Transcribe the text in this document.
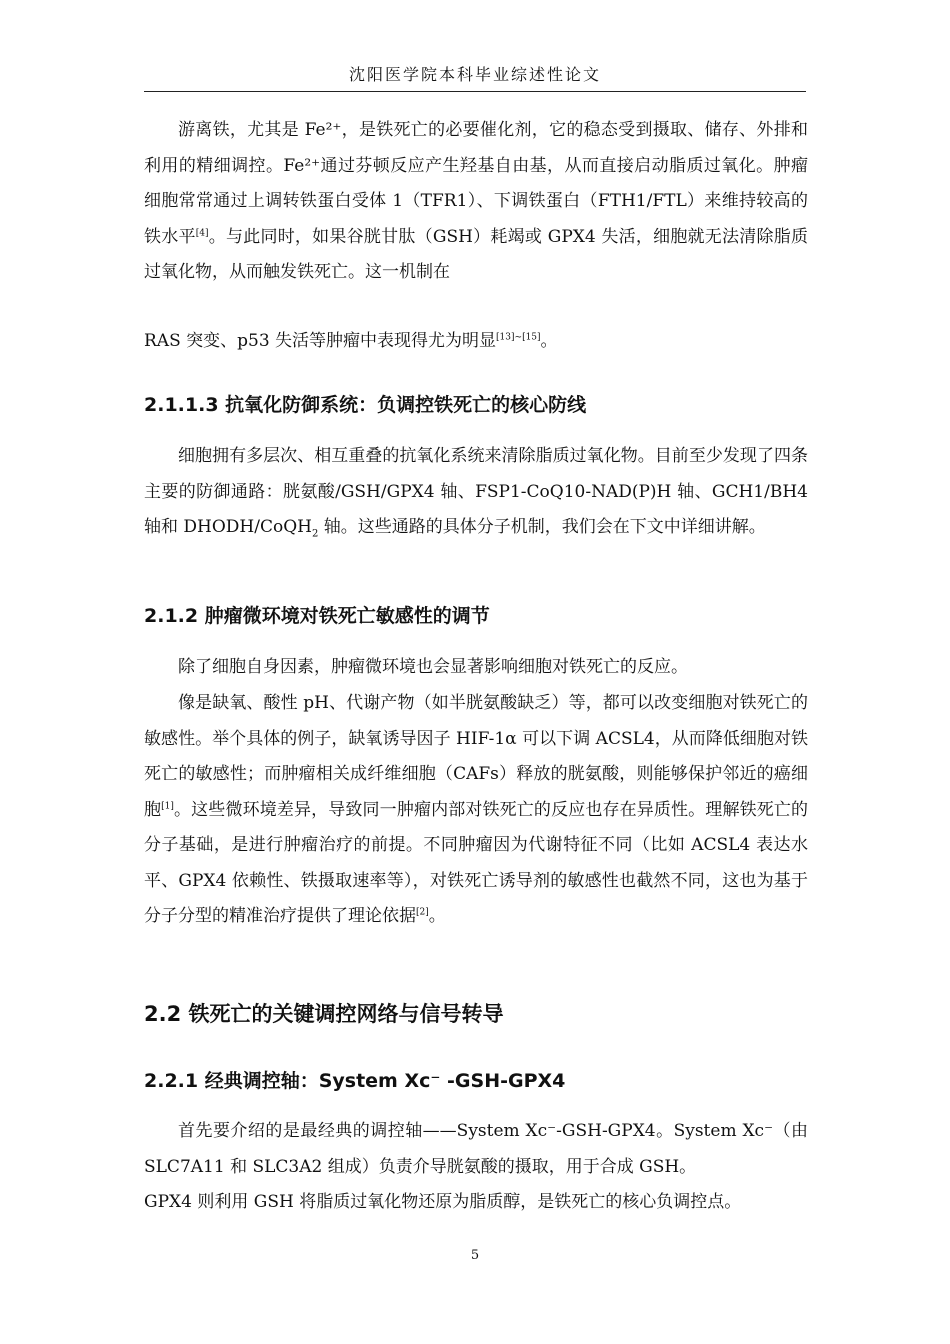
沈阳医学院本科毕业综述性论文

游离铁，尤其是 Fe²⁺，是铁死亡的必要催化剂，它的稳态受到摄取、储存、外排和利用的精细调控。Fe²⁺通过芬顿反应产生羟基自由基，从而直接启动脂质过氧化。肿瘤细胞常常通过上调转铁蛋白受体 1（TFR1）、下调铁蛋白（FTH1/FTL）来维持较高的铁水平[4]。与此同时，如果谷胱甘肽（GSH）耗竭或 GPX4 失活，细胞就无法清除脂质过氧化物，从而触发铁死亡。这一机制在

RAS 突变、p53 失活等肿瘤中表现得尤为明显[13]~[15]。

2.1.1.3 抗氧化防御系统：负调控铁死亡的核心防线

细胞拥有多层次、相互重叠的抗氧化系统来清除脂质过氧化物。目前至少发现了四条主要的防御通路：胱氨酸/GSH/GPX4 轴、FSP1-CoQ10-NAD(P)H 轴、GCH1/BH4 轴和 DHODH/CoQH$_2$ 轴。这些通路的具体分子机制，我们会在下文中详细讲解。

2.1.2 肿瘤微环境对铁死亡敏感性的调节

除了细胞自身因素，肿瘤微环境也会显著影响细胞对铁死亡的反应。

像是缺氧、酸性 pH、代谢产物（如半胱氨酸缺乏）等，都可以改变细胞对铁死亡的敏感性。举个具体的例子，缺氧诱导因子 HIF-1α 可以下调 ACSL4，从而降低细胞对铁死亡的敏感性；而肿瘤相关成纤维细胞（CAFs）释放的胱氨酸，则能够保护邻近的癌细胞[1]。这些微环境差异，导致同一肿瘤内部对铁死亡的反应也存在异质性。理解铁死亡的分子基础，是进行肿瘤治疗的前提。不同肿瘤因为代谢特征不同（比如 ACSL4 表达水平、GPX4 依赖性、铁摄取速率等），对铁死亡诱导剂的敏感性也截然不同，这也为基于分子分型的精准治疗提供了理论依据[2]。

2.2 铁死亡的关键调控网络与信号转导
2.2.1 经典调控轴：System Xc⁻ -GSH-GPX4

首先要介绍的是最经典的调控轴——System Xc⁻-GSH-GPX4。System Xc⁻（由 SLC7A11 和 SLC3A2 组成）负责介导胱氨酸的摄取，用于合成 GSH。

GPX4 则利用 GSH 将脂质过氧化物还原为脂质醇，是铁死亡的核心负调控点。

5
